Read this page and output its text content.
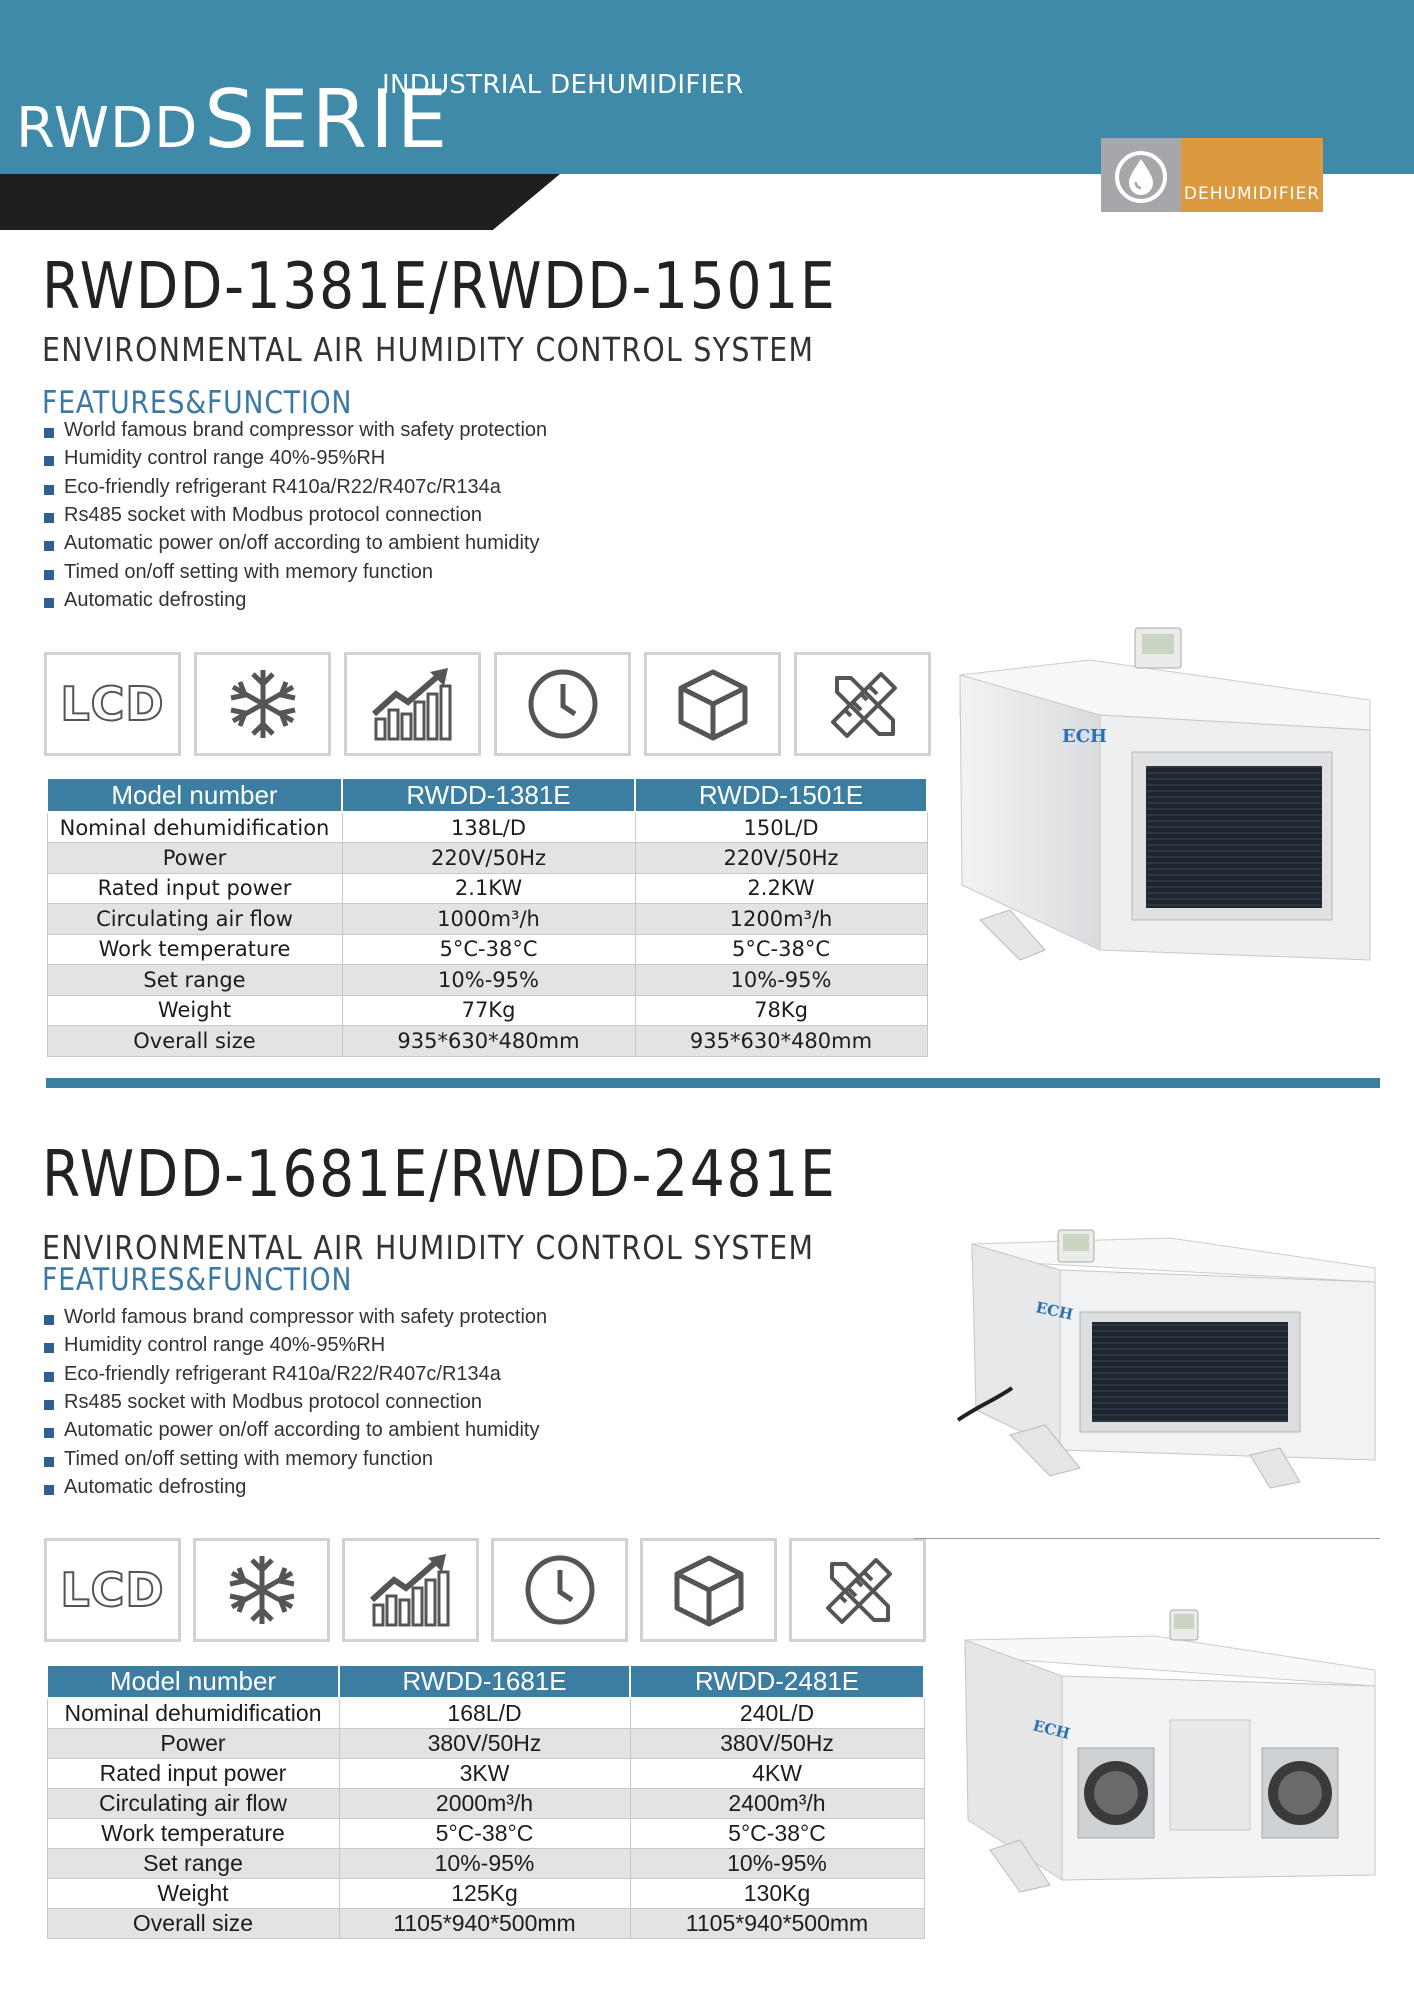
RWDDSERIE
INDUSTRIAL DEHUMIDIFIER
DEHUMIDIFIER
RWDD-1381E/RWDD-1501E
ENVIRONMENTAL AIR HUMIDITY CONTROL SYSTEM
FEATURES&FUNCTION
World famous brand compressor with safety protection
Humidity control range 40%-95%RH
Eco-friendly refrigerant R410a/R22/R407c/R134a
Rs485 socket with Modbus protocol connection
Automatic power on/off according to ambient humidity
Timed on/off setting with memory function
Automatic defrosting
LCD
Model number	RWDD-1381E	RWDD-1501E
Nominal dehumidification	138L/D	150L/D
Power	220V/50Hz	220V/50Hz
Rated input power	2.1KW	2.2KW
Circulating air flow	1000m³/h	1200m³/h
Work temperature	5°C-38°C	5°C-38°C
Set range	10%-95%	10%-95%
Weight	77Kg	78Kg
Overall size	935*630*480mm	935*630*480mm
ECH
RWDD-1681E/RWDD-2481E
ENVIRONMENTAL AIR HUMIDITY CONTROL SYSTEM
FEATURES&FUNCTION
World famous brand compressor with safety protection
Humidity control range 40%-95%RH
Eco-friendly refrigerant R410a/R22/R407c/R134a
Rs485 socket with Modbus protocol connection
Automatic power on/off according to ambient humidity
Timed on/off setting with memory function
Automatic defrosting
LCD
Model number	RWDD-1681E	RWDD-2481E
Nominal dehumidification	168L/D	240L/D
Power	380V/50Hz	380V/50Hz
Rated input power	3KW	4KW
Circulating air flow	2000m³/h	2400m³/h
Work temperature	5°C-38°C	5°C-38°C
Set range	10%-95%	10%-95%
Weight	125Kg	130Kg
Overall size	1105*940*500mm	1105*940*500mm
ECH
ECH
